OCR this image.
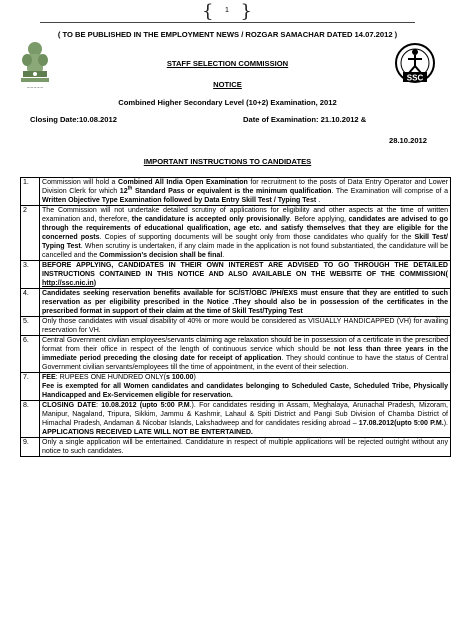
{	1 }
( TO BE PUBLISHED IN THE EMPLOYMENT NEWS / ROZGAR SAMACHAR DATED 14.07.2012 )
~~~~~
SSC
STAFF SELECTION COMMISSION
NOTICE
Combined Higher Secondary Level (10+2) Examination, 2012
Closing Date:10.08.2012	Date of Examination: 21.10.2012 &
28.10.2012
IMPORTANT INSTRUCTIONS TO CANDIDATES
1.	Commission will hold a Combined All India Open Examination for recruitment to the posts of Data Entry Operator and Lower Division Clerk for which 12th Standard Pass or equivalent is the minimum qualification. The Examination will comprise of a Written Objective Type Examination followed by Data Entry Skill Test / Typing Test .
2	The Commission will not undertake detailed scrutiny of applications for eligibility and other aspects at the time of written examination and, therefore, the candidature is accepted only provisionally. Before applying, candidates are advised to go through the requirements of educational qualification, age etc. and satisfy themselves that they are eligible for the concerned posts. Copies of supporting documents will be sought only from those candidates who qualify for the Skill Test/ Typing Test. When scrutiny is undertaken, if any claim made in the application is not found substantiated, the candidature will be cancelled and the Commission's decision shall be final.
3.	BEFORE APPLYING, CANDIDATES IN THEIR OWN INTEREST ARE ADVISED TO GO THROUGH THE DETAILED INSTRUCTIONS CONTAINED IN THIS NOTICE AND ALSO AVAILABLE ON THE WEBSITE OF THE COMMISSION( http://ssc.nic.in)
4.	Candidates seeking reservation benefits available for SC/ST/OBC /PH/EXS must ensure that they are entitled to such reservation as per eligibility prescribed in the Notice .They should also be in possession of the certificates in the prescribed format in support of their claim at the time of Skill Test/Typing Test
5.	Only those candidates with visual disability of 40% or more would be considered as VISUALLY HANDICAPPED (VH) for availing reservation for VH.
6.	Central Government civilian employees/servants claiming age relaxation should be in possession of a certificate in the prescribed format from their office in respect of the length of continuous service which should be not less than three years in the immediate period preceding the closing date for receipt of application. They should continue to have the status of Central Government civilian servants/employees till the time of appointment, in the event of their selection.
7.	FEE: RUPEES ONE HUNDRED ONLY(s 100.00)
Fee is exempted for all Women candidates and candidates belonging to Scheduled Caste, Scheduled Tribe, Physically Handicapped and Ex-Servicemen eligible for reservation.
8.	CLOSING DATE: 10.08.2012 (upto 5:00 P.M.). For candidates residing in Assam, Meghalaya, Arunachal Pradesh, Mizoram, Manipur, Nagaland, Tripura, Sikkim, Jammu & Kashmir, Lahaul & Spiti District and Pangi Sub Division of Chamba District of Himachal Pradesh, Andaman & Nicobar Islands, Lakshadweep and for candidates residing abroad – 17.08.2012(upto 5:00 P.M.). APPLICATIONS RECEIVED LATE WILL NOT BE ENTERTAINED.
9.	Only a single application will be entertained. Candidature in respect of multiple applications will be rejected outright without any notice to such candidates.
